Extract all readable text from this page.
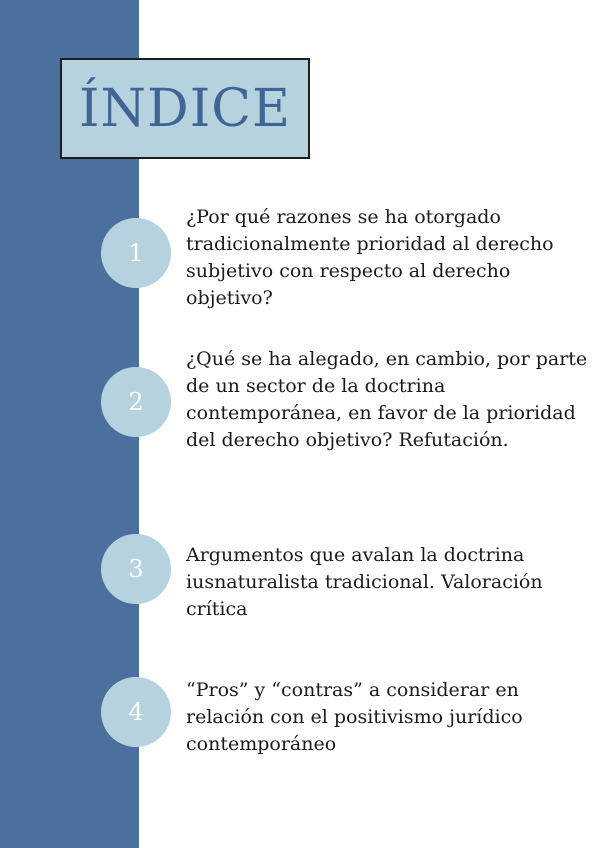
ÍNDICE
1

¿Por qué razones se ha otorgado tradicionalmente prioridad al derecho subjetivo con respecto al derecho objetivo?

2

¿Qué se ha alegado, en cambio, por parte de un sector de la doctrina contemporánea, en favor de la prioridad del derecho objetivo? Refutación.

3 Argumentos que avalan la doctrina iusnaturalista tradicional. Valoración crítica

4

“Pros” y “contras” a considerar en relación con el positivismo jurídico contemporáneo
